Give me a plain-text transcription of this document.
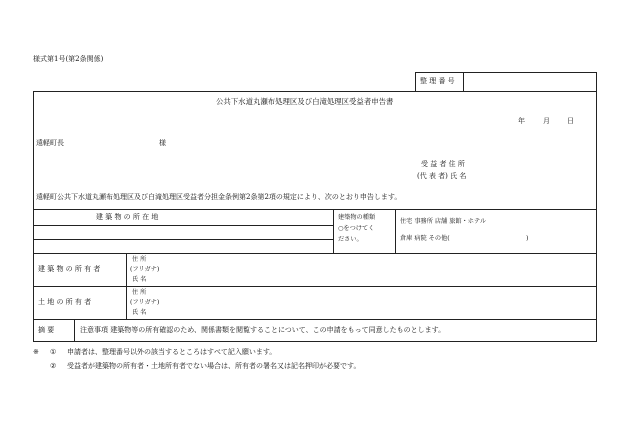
様式第1号(第2条関係)
整 理 番 号
公共下水道丸瀬布処理区及び白滝処理区受益者申告書
年	月 日
遠軽町長	様
受 益 者 住 所
(代 表 者) 氏 名
遠軽町公共下水道丸瀬布処理区及び白滝処理区受益者分担金条例第2条第2項の規定により、次のとおり申告します。
建 築 物 の 所 在 地	建築物の種類
○をつけてく
ださい。
住宅 事務所 店舗 旅館・ホテル
倉庫 病院 その他(	)
建 築 物 の 所 有 者
住 所
(フリガナ)
氏 名
土 地 の 所 有 者
住 所
(フリガナ)
氏 名
摘 要	注意事項 建築物等の所有確認のため、関係書類を閲覧することについて、この申請をもって同意したものとします。
※ ① 申請者は、整理番号以外の該当するところはすべて記入願います。
② 受益者が建築物の所有者・土地所有者でない場合は、所有者の署名又は記名押印が必要です。
